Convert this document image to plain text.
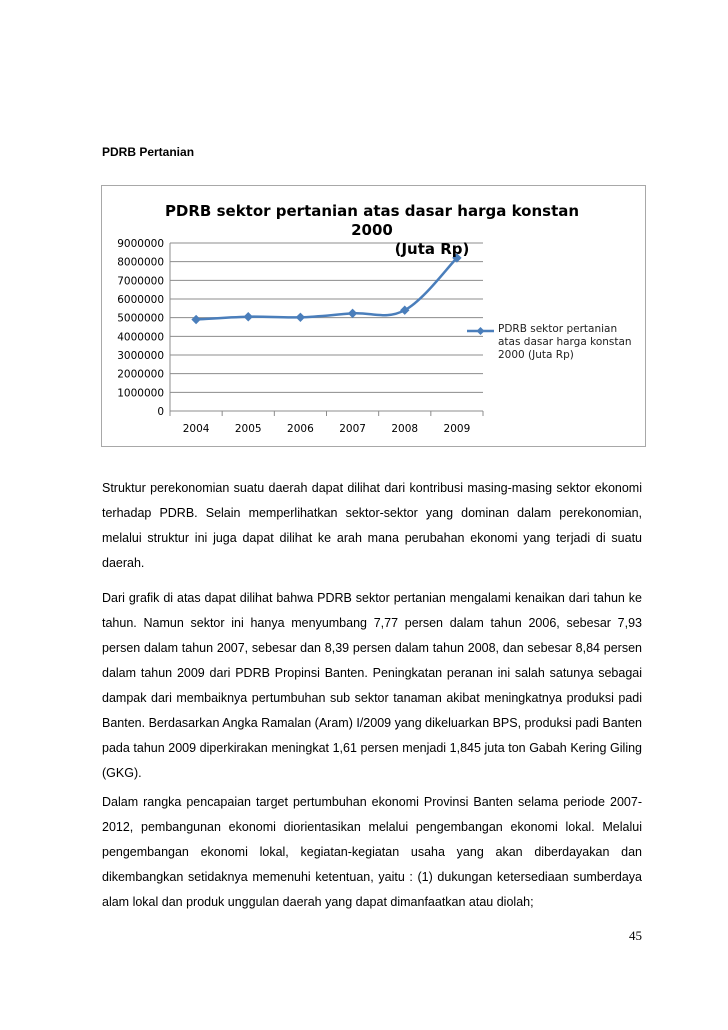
PDRB Pertanian
0
1000000
2000000
3000000
4000000
5000000
6000000
7000000
8000000
9000000
2004 2005 2006 2007 2008 2009
PDRB sektor pertanian atas dasar harga konstan 2000
(Juta Rp)
PDRB sektor pertanian atas dasar harga konstan 2000 (Juta Rp)

Struktur perekonomian suatu daerah dapat dilihat dari kontribusi masing-masing sektor ekonomi terhadap PDRB. Selain memperlihatkan sektor-sektor yang dominan dalam perekonomian, melalui struktur ini juga dapat dilihat ke arah mana perubahan ekonomi yang terjadi di suatu daerah.

Dari grafik di atas dapat dilihat bahwa PDRB sektor pertanian mengalami kenaikan dari tahun ke tahun. Namun sektor ini hanya menyumbang 7,77 persen dalam tahun 2006, sebesar 7,93 persen dalam tahun 2007, sebesar dan 8,39 persen dalam tahun 2008, dan sebesar 8,84 persen dalam tahun 2009 dari PDRB Propinsi Banten. Peningkatan peranan ini salah satunya sebagai dampak dari membaiknya pertumbuhan sub sektor tanaman akibat meningkatnya produksi padi Banten. Berdasarkan Angka Ramalan (Aram) I/2009 yang dikeluarkan BPS, produksi padi Banten pada tahun 2009 diperkirakan meningkat 1,61 persen menjadi 1,845 juta ton Gabah Kering Giling (GKG).

Dalam rangka pencapaian target pertumbuhan ekonomi Provinsi Banten selama periode 2007-2012, pembangunan ekonomi diorientasikan melalui pengembangan ekonomi lokal. Melalui pengembangan ekonomi lokal, kegiatan-kegiatan usaha yang akan diberdayakan dan dikembangkan setidaknya memenuhi ketentuan, yaitu : (1) dukungan ketersediaan sumberdaya alam lokal dan produk unggulan daerah yang dapat dimanfaatkan atau diolah;

45
